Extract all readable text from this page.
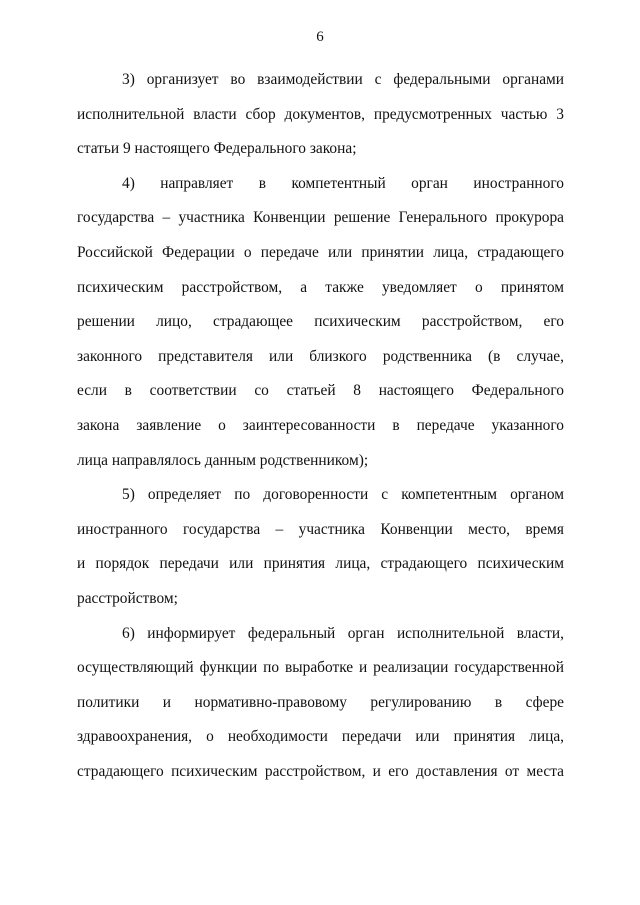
6
3) организует во взаимодействии с федеральными органами
исполнительной власти сбор документов, предусмотренных частью 3
статьи 9 настоящего Федерального закона;
4) направляет в компетентный орган иностранного
государства – участника Конвенции решение Генерального прокурора
Российской Федерации о передаче или принятии лица, страдающего
психическим расстройством, а также уведомляет о принятом
решении лицо, страдающее психическим расстройством, его
законного представителя или близкого родственника (в случае,
если в соответствии со статьей 8 настоящего Федерального
закона заявление о заинтересованности в передаче указанного
лица направлялось данным родственником);
5) определяет по договоренности с компетентным органом
иностранного государства – участника Конвенции место, время
и порядок передачи или принятия лица, страдающего психическим
расстройством;
6) информирует федеральный орган исполнительной власти,
осуществляющий функции по выработке и реализации государственной
политики и нормативно-правовому регулированию в сфере
здравоохранения, о необходимости передачи или принятия лица,
страдающего психическим расстройством, и его доставления от места
